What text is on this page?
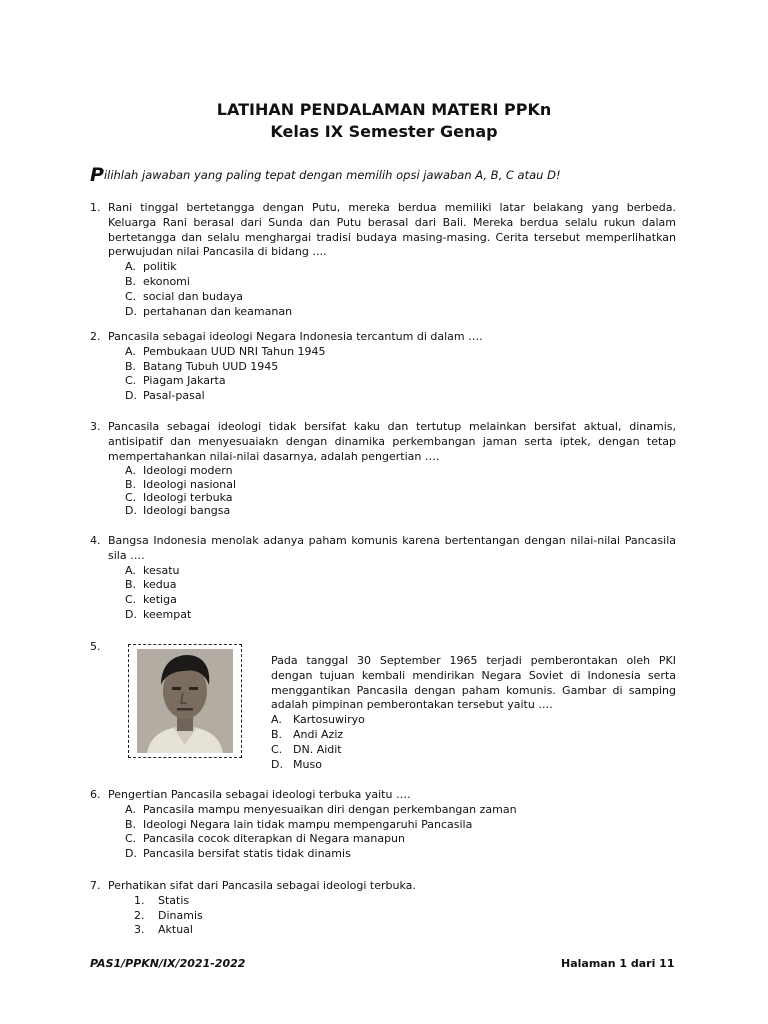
LATIHAN PENDALAMAN MATERI PPKn
Kelas IX Semester Genap
Pilihlah jawaban yang paling tepat dengan memilih opsi jawaban A, B, C atau D!
1. Rani tinggal bertetangga dengan Putu, mereka berdua memiliki latar belakang yang berbeda. Keluarga Rani berasal dari Sunda dan Putu berasal dari Bali. Mereka berdua selalu rukun dalam bertetangga dan selalu menghargai tradisi budaya masing-masing. Cerita tersebut memperlihatkan perwujudan nilai Pancasila di bidang ….
A. politik
B. ekonomi
C. social dan budaya
D. pertahanan dan keamanan
2. Pancasila sebagai ideologi Negara Indonesia tercantum di dalam ….
A. Pembukaan UUD NRI Tahun 1945
B. Batang Tubuh UUD 1945
C. Piagam Jakarta
D. Pasal-pasal
3. Pancasila sebagai ideologi tidak bersifat kaku dan tertutup melainkan bersifat aktual, dinamis, antisipatif dan menyesuaiakn dengan dinamika perkembangan jaman serta iptek, dengan tetap mempertahankan nilai-nilai dasarnya, adalah pengertian ….
A. Ideologi modern
B. Ideologi nasional
C. Ideologi terbuka
D. Ideologi bangsa
4. Bangsa Indonesia menolak adanya paham komunis karena bertentangan dengan nilai-nilai Pancasila sila ….
A. kesatu
B. kedua
C. ketiga
D. keempat
5.
Pada tanggal 30 September 1965 terjadi pemberontakan oleh PKI dengan tujuan kembali mendirikan Negara Soviet di Indonesia serta menggantikan Pancasila dengan paham komunis. Gambar di samping adalah pimpinan pemberontakan tersebut yaitu ….
A. Kartosuwiryo
B. Andi Aziz
C. DN. Aidit
D. Muso
6. Pengertian Pancasila sebagai ideologi terbuka yaitu ….
A. Pancasila mampu menyesuaikan diri dengan perkembangan zaman
B. Ideologi Negara lain tidak mampu mempengaruhi Pancasila
C. Pancasila cocok diterapkan di Negara manapun
D. Pancasila bersifat statis tidak dinamis
7. Perhatikan sifat dari Pancasila sebagai ideologi terbuka.
1. Statis
2. Dinamis
3. Aktual
PAS1/PPKN/IX/2021-2022	Halaman 1 dari 11
